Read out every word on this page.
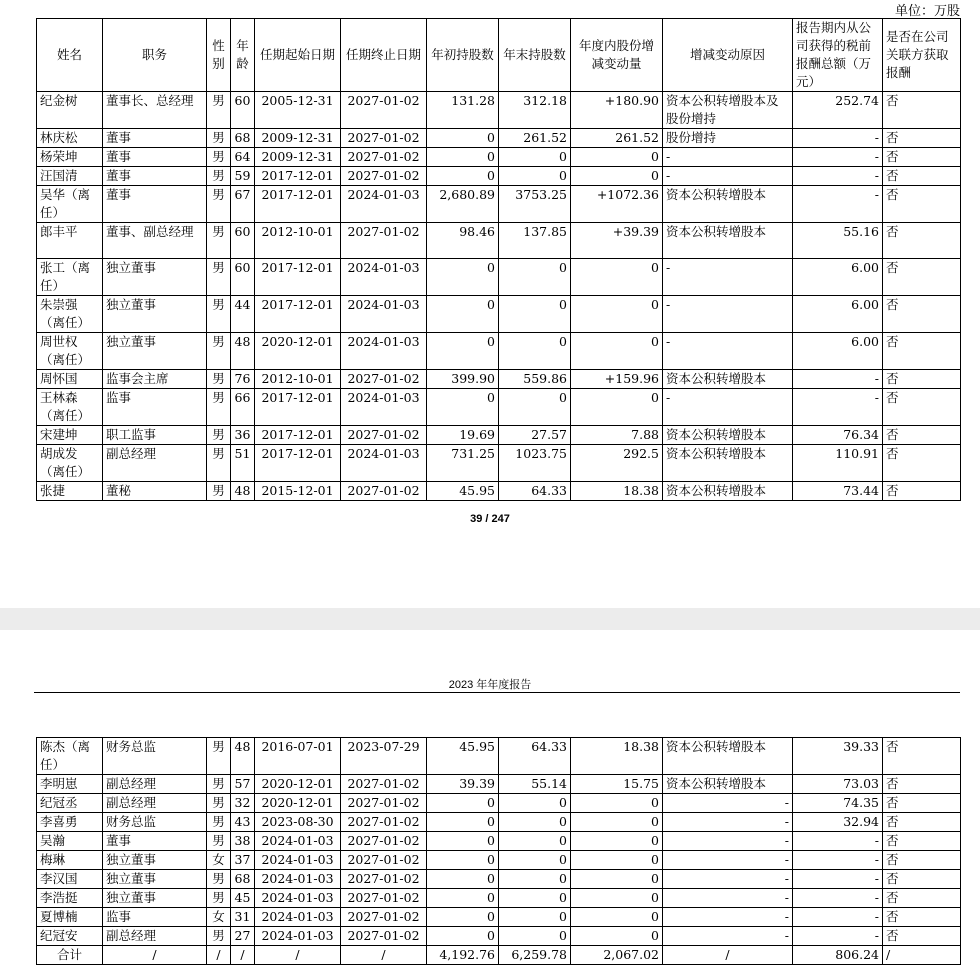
单位：万股
姓名	职务	性别	年龄	任期起始日期	任期终止日期	年初持股数	年末持股数	年度内股份增减变动量	增减变动原因	报告期内从公司获得的税前报酬总额（万元）	是否在公司关联方获取报酬
纪金树	董事长、总经理	男	60	2005-12-31	2027-01-02	131.28	312.18	+180.90	资本公积转增股本及股份增持	252.74	否
林庆松	董事	男	68	2009-12-31	2027-01-02	0	261.52	261.52	股份增持	-	否
杨荣坤	董事	男	64	2009-12-31	2027-01-02	0	0	0	-	-	否
汪国清	董事	男	59	2017-12-01	2027-01-02	0	0	0	-	-	否
吴华（离任）	董事	男	67	2017-12-01	2024-01-03	2,680.89	3753.25	+1072.36	资本公积转增股本	-	否
郎丰平	董事、副总经理	男	60	2012-10-01	2027-01-02	98.46	137.85	+39.39	资本公积转增股本	55.16	否
张工（离任）	独立董事	男	60	2017-12-01	2024-01-03	0	0	0	-	6.00	否
朱崇强（离任）	独立董事	男	44	2017-12-01	2024-01-03	0	0	0	-	6.00	否
周世权（离任）	独立董事	男	48	2020-12-01	2024-01-03	0	0	0	-	6.00	否
周怀国	监事会主席	男	76	2012-10-01	2027-01-02	399.90	559.86	+159.96	资本公积转增股本	-	否
王林森（离任）	监事	男	66	2017-12-01	2024-01-03	0	0	0	-	-	否
宋建坤	职工监事	男	36	2017-12-01	2027-01-02	19.69	27.57	7.88	资本公积转增股本	76.34	否
胡成发（离任）	副总经理	男	51	2017-12-01	2024-01-03	731.25	1023.75	292.5	资本公积转增股本	110.91	否
张捷	董秘	男	48	2015-12-01	2027-01-02	45.95	64.33	18.38	资本公积转增股本	73.44	否
39 / 247
2023 年年度报告
陈杰（离任）	财务总监	男	48	2016-07-01	2023-07-29	45.95	64.33	18.38	资本公积转增股本	39.33	否
李明崽	副总经理	男	57	2020-12-01	2027-01-02	39.39	55.14	15.75	资本公积转增股本	73.03	否
纪冠丞	副总经理	男	32	2020-12-01	2027-01-02	0	0	0	-	74.35	否
李喜勇	财务总监	男	43	2023-08-30	2027-01-02	0	0	0	-	32.94	否
吴瀚	董事	男	38	2024-01-03	2027-01-02	0	0	0	-	-	否
梅琳	独立董事	女	37	2024-01-03	2027-01-02	0	0	0	-	-	否
李汉国	独立董事	男	68	2024-01-03	2027-01-02	0	0	0	-	-	否
李浩挺	独立董事	男	45	2024-01-03	2027-01-02	0	0	0	-	-	否
夏博楠	监事	女	31	2024-01-03	2027-01-02	0	0	0	-	-	否
纪冠安	副总经理	男	27	2024-01-03	2027-01-02	0	0	0	-	-	否
合计	/	/	/	/	/	4,192.76	6,259.78	2,067.02	/	806.24	/
